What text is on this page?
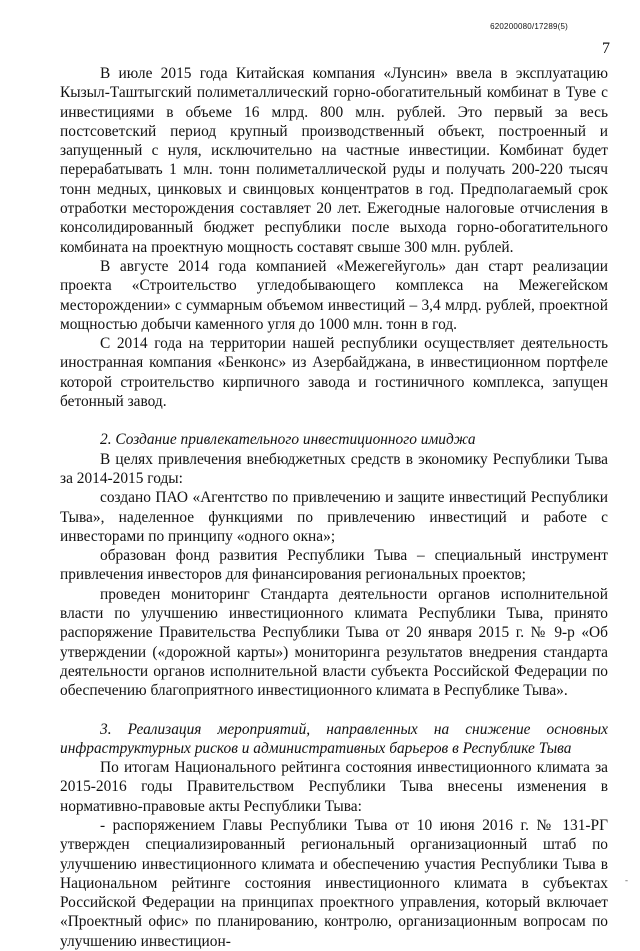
620200080/17289(5)
7

В июле 2015 года Китайская компания «Лунсин» ввела в эксплуатацию Кызыл-Таштыгский полиметаллический горно-обогатительный комбинат в Туве с инвестициями в объеме 16 млрд. 800 млн. рублей. Это первый за весь постсоветский период крупный производственный объект, построенный и запущенный с нуля, исключительно на частные инвестиции. Комбинат будет перерабатывать 1 млн. тонн полиметаллической руды и получать 200-220 тысяч тонн медных, цинковых и свинцовых концентратов в год. Предполагаемый срок отработки месторождения составляет 20 лет. Ежегодные налоговые отчисления в консолидированный бюджет республики после выхода горно-обогатительного комбината на проектную мощность составят свыше 300 млн. рублей.

В августе 2014 года компанией «Межегейуголь» дан старт реализации проекта «Строительство угледобывающего комплекса на Межегейском месторождении» с суммарным объемом инвестиций – 3,4 млрд. рублей, проектной мощностью добычи каменного угля до 1000 млн. тонн в год.

С 2014 года на территории нашей республики осуществляет деятельность иностранная компания «Бенконс» из Азербайджана, в инвестиционном портфеле которой строительство кирпичного завода и гостиничного комплекса, запущен бетонный завод.

2. Создание привлекательного инвестиционного имиджа

В целях привлечения внебюджетных средств в экономику Республики Тыва за 2014-2015 годы:

создано ПАО «Агентство по привлечению и защите инвестиций Республики Тыва», наделенное функциями по привлечению инвестиций и работе с инвесторами по принципу «одного окна»;

образован фонд развития Республики Тыва – специальный инструмент привлечения инвесторов для финансирования региональных проектов;

проведен мониторинг Стандарта деятельности органов исполнительной власти по улучшению инвестиционного климата Республики Тыва, принято распоряжение Правительства Республики Тыва от 20 января 2015 г. № 9-р «Об утверждении («дорожной карты») мониторинга результатов внедрения стандарта деятельности органов исполнительной власти субъекта Российской Федерации по обеспечению благоприятного инвестиционного климата в Республике Тыва».

3. Реализация мероприятий, направленных на снижение основных инфраструктурных рисков и административных барьеров в Республике Тыва

По итогам Национального рейтинга состояния инвестиционного климата за 2015-2016 годы Правительством Республики Тыва внесены изменения в нормативно-правовые акты Республики Тыва:

- распоряжением Главы Республики Тыва от 10 июня 2016 г. № 131-РГ утвержден специализированный региональный организационный штаб по улучшению инвестиционного климата и обеспечению участия Республики Тыва в Национальном рейтинге состояния инвестиционного климата в субъектах Российской Федерации на принципах проектного управления, который включает «Проектный офис» по планированию, контролю, организационным вопросам по улучшению инвестицион-

-
